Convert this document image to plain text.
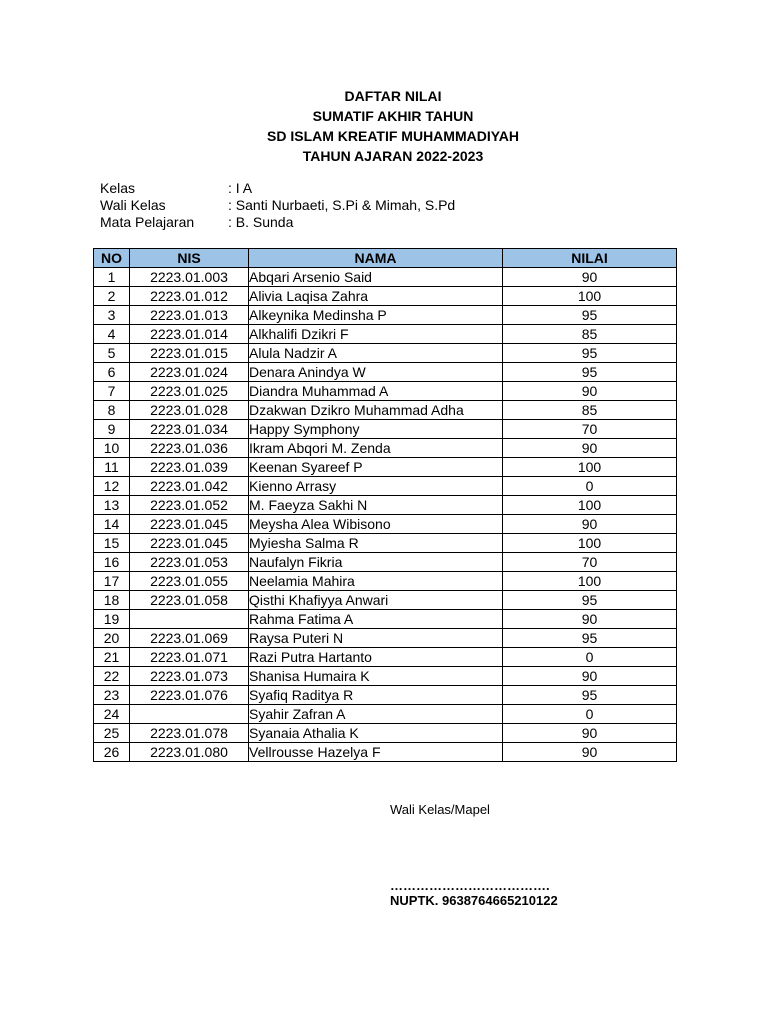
DAFTAR NILAI
SUMATIF AKHIR TAHUN
SD ISLAM KREATIF MUHAMMADIYAH
TAHUN AJARAN 2022-2023
Kelas	: I A
Wali Kelas	: Santi Nurbaeti, S.Pi & Mimah, S.Pd
Mata Pelajaran	: B. Sunda
NO	NIS	NAMA	NILAI
1	2223.01.003	Abqari Arsenio Said	90
2	2223.01.012	Alivia Laqisa Zahra	100
3	2223.01.013	Alkeynika Medinsha P	95
4	2223.01.014	Alkhalifi Dzikri F	85
5	2223.01.015	Alula Nadzir A	95
6	2223.01.024	Denara Anindya W	95
7	2223.01.025	Diandra Muhammad A	90
8	2223.01.028	Dzakwan Dzikro Muhammad Adha	85
9	2223.01.034	Happy Symphony	70
10	2223.01.036	Ikram Abqori M. Zenda	90
11	2223.01.039	Keenan Syareef P	100
12	2223.01.042	Kienno Arrasy	0
13	2223.01.052	M. Faeyza Sakhi N	100
14	2223.01.045	Meysha Alea Wibisono	90
15	2223.01.045	Myiesha Salma R	100
16	2223.01.053	Naufalyn Fikria	70
17	2223.01.055	Neelamia Mahira	100
18	2223.01.058	Qisthi Khafiyya Anwari	95
19		Rahma Fatima A	90
20	2223.01.069	Raysa Puteri N	95
21	2223.01.071	Razi Putra Hartanto	0
22	2223.01.073	Shanisa Humaira K	90
23	2223.01.076	Syafiq Raditya R	95
24		Syahir Zafran A	0
25	2223.01.078	Syanaia Athalia K	90
26	2223.01.080	Vellrousse Hazelya F	90
Wali Kelas/Mapel
……………………………….
NUPTK. 9638764665210122
